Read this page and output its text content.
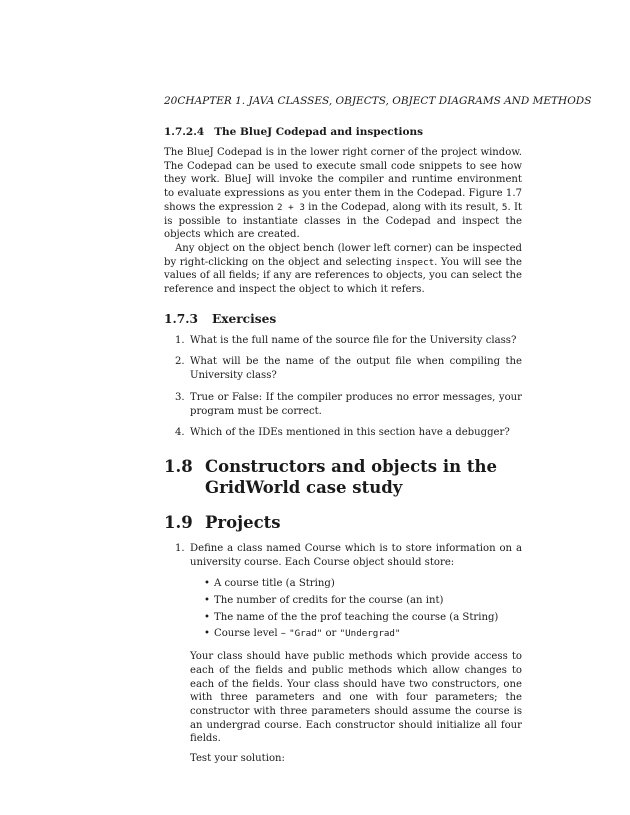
20CHAPTER 1. JAVA CLASSES, OBJECTS, OBJECT DIAGRAMS AND METHODS
1.7.2.4 The BlueJ Codepad and inspections

The BlueJ Codepad is in the lower right corner of the project window. The Codepad can be used to execute small code snippets to see how they work. BlueJ will invoke the compiler and runtime environment to evaluate expressions as you enter them in the Codepad. Figure 1.7 shows the expression 2 + 3 in the Codepad, along with its result, 5. It is possible to instantiate classes in the Codepad and inspect the objects which are created.

Any object on the object bench (lower left corner) can be inspected by right-clicking on the object and selecting inspect. You will see the values of all fields; if any are references to objects, you can select the reference and inspect the object to which it refers.

1.7.3 Exercises
1. What is the full name of the source file for the University class?
2. What will be the name of the output file when compiling the University class?
3. True or False: If the compiler produces no error messages, your program must be correct.
4. Which of the IDEs mentioned in this section have a debugger?
1.8 Constructors and objects in the GridWorld case study
1.9 Projects
1. Define a class named Course which is to store information on a university course. Each Course object should store:
• A course title (a String)
• The number of credits for the course (an int)
• The name of the the prof teaching the course (a String)
• Course level – "Grad" or "Undergrad"

Your class should have public methods which provide access to each of the fields and public methods which allow changes to each of the fields. Your class should have two constructors, one with three parameters and one with four parameters; the constructor with three parameters should assume the course is an undergrad course. Each constructor should initialize all four fields.

Test your solution:
